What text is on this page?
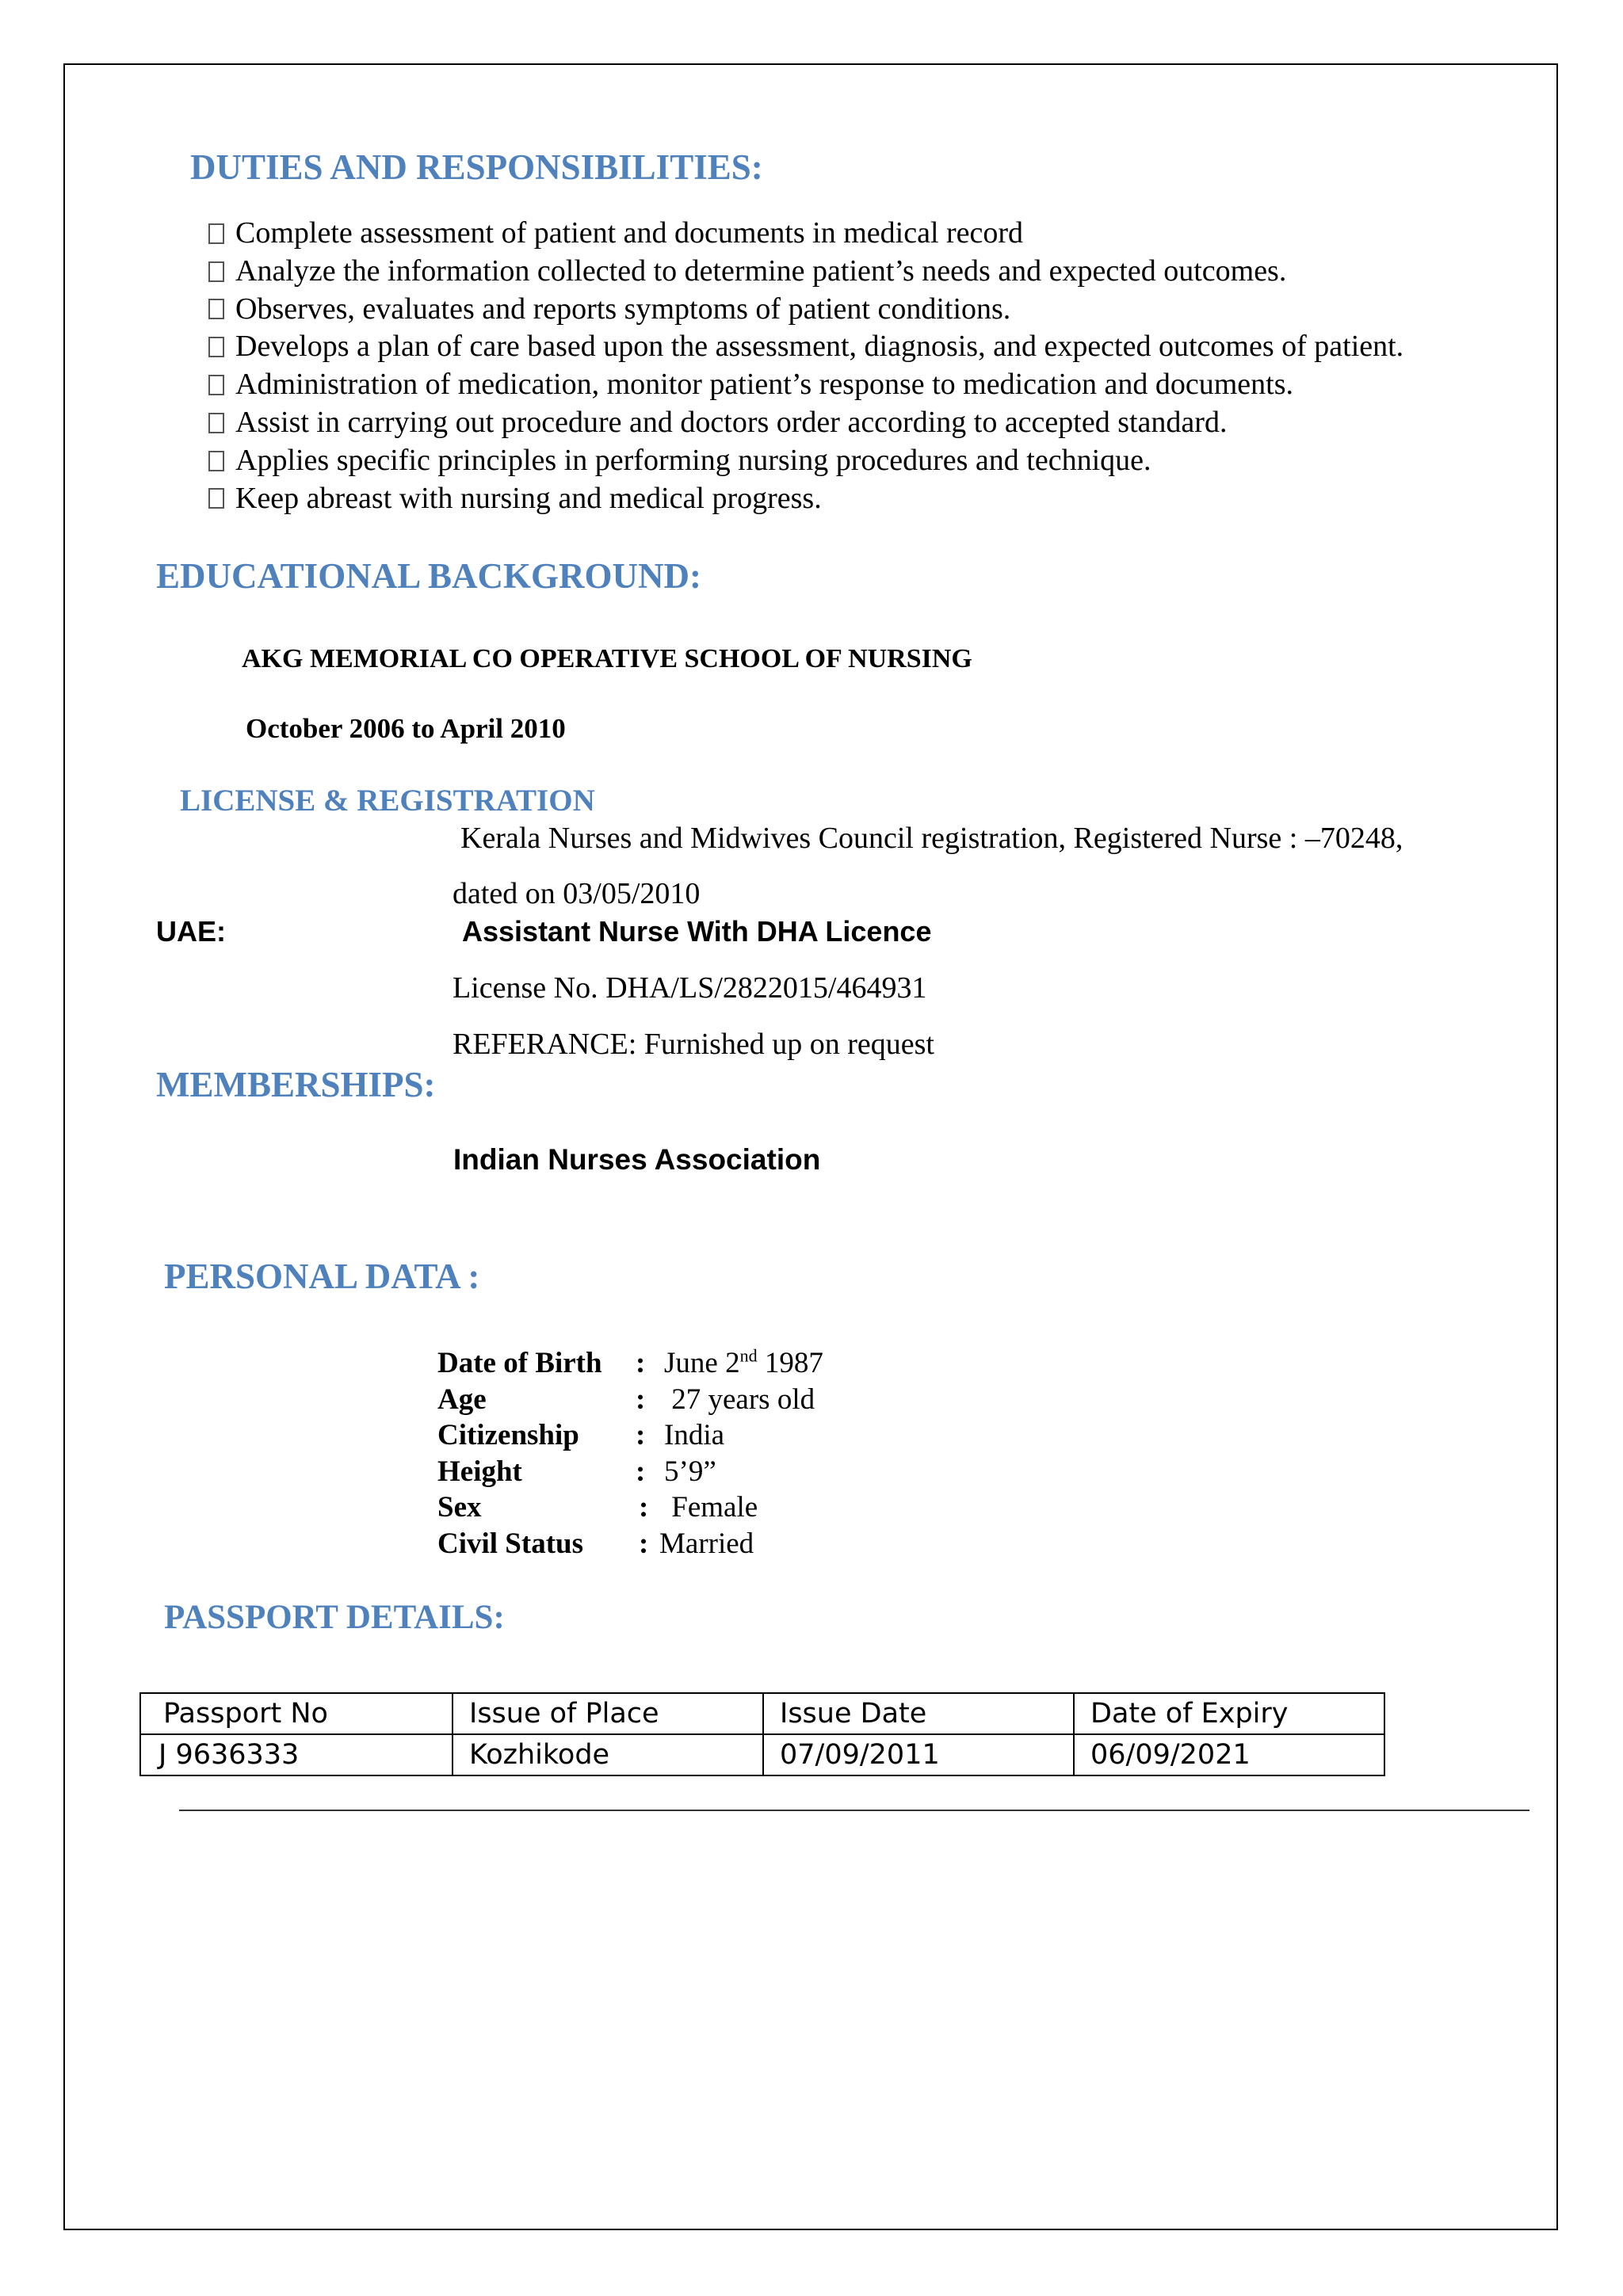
DUTIES AND RESPONSIBILITIES:
Complete assessment of patient and documents in medical record
Analyze the information collected to determine patient’s needs and expected outcomes.
Observes, evaluates and reports symptoms of patient conditions.
Develops a plan of care based upon the assessment, diagnosis, and expected outcomes of patient.
Administration of medication, monitor patient’s response to medication and documents.
Assist in carrying out procedure and doctors order according to accepted standard.
Applies specific principles in performing nursing procedures and technique.
Keep abreast with nursing and medical progress.
EDUCATIONAL BACKGROUND:

AKG MEMORIAL CO OPERATIVE SCHOOL OF NURSING

October 2006 to April 2010

LICENSE & REGISTRATION

Kerala Nurses and Midwives Council registration, Registered Nurse : –70248,

dated on 03/05/2010

UAE:	Assistant Nurse With DHA Licence

License No. DHA/LS/2822015/464931

REFERANCE: Furnished up on request

MEMBERSHIPS:

Indian Nurses Association

PERSONAL DATA :
Date of Birth : June 2nd 1987
Age	: 27 years old
Citizenship : India
Height	: 5’9”
Sex	: Female
Civil Status : Married
PASSPORT DETAILS:
Passport No	Issue of Place	Issue Date	Date of Expiry
J 9636333	Kozhikode	07/09/2011	06/09/2021
